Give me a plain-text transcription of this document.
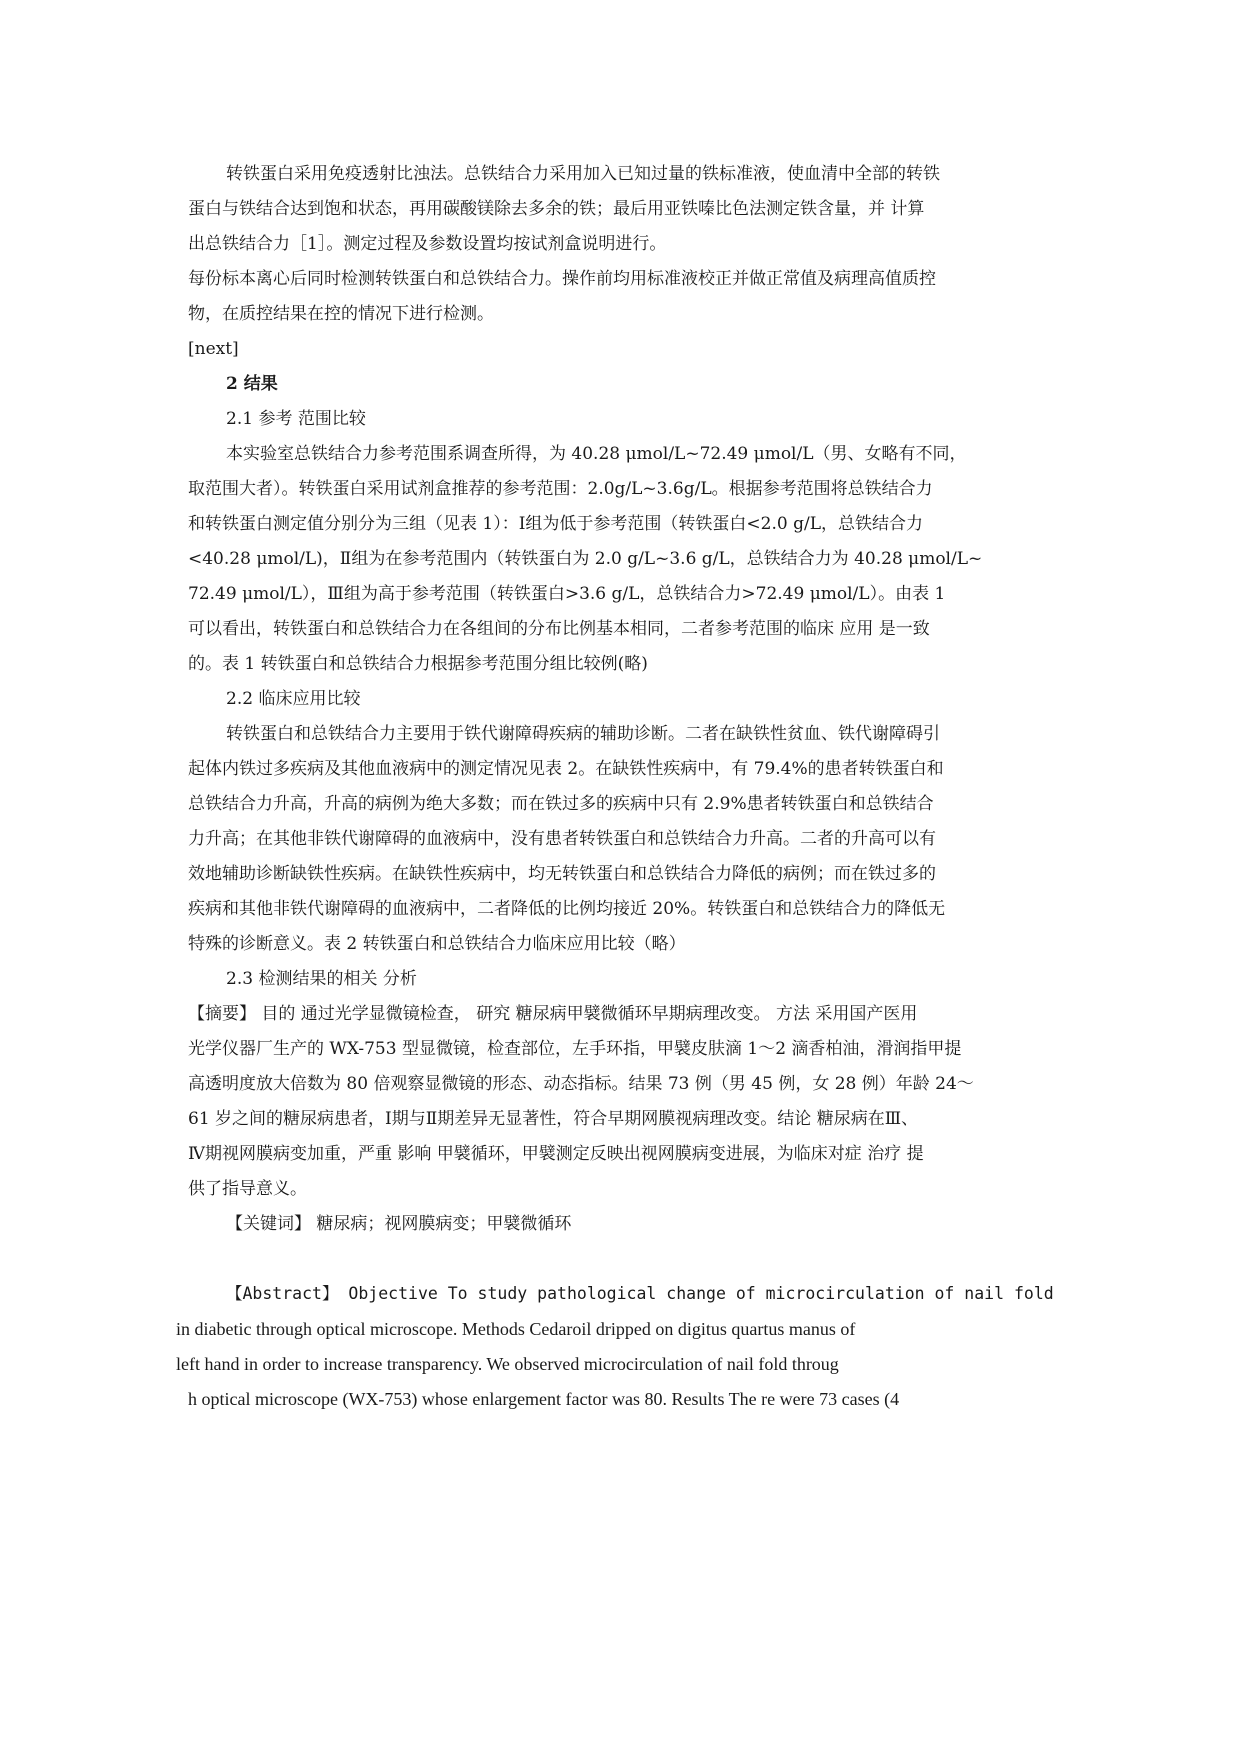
转铁蛋白采用免疫透射比浊法。总铁结合力采用加入已知过量的铁标准液，使血清中全部的转铁
蛋白与铁结合达到饱和状态，再用碳酸镁除去多余的铁；最后用亚铁嗪比色法测定铁含量，并 计算
出总铁结合力［1］。测定过程及参数设置均按试剂盒说明进行。
每份标本离心后同时检测转铁蛋白和总铁结合力。操作前均用标准液校正并做正常值及病理高值质控
物，在质控结果在控的情况下进行检测。
[next]
2 结果
2.1 参考 范围比较
本实验室总铁结合力参考范围系调查所得，为 40.28 μmol/L~72.49 μmol/L（男、女略有不同，
取范围大者）。转铁蛋白采用试剂盒推荐的参考范围：2.0g/L~3.6g/L。根据参考范围将总铁结合力
和转铁蛋白测定值分别分为三组（见表 1）：Ⅰ组为低于参考范围（转铁蛋白<2.0 g/L，总铁结合力
<40.28 μmol/L)，Ⅱ组为在参考范围内（转铁蛋白为 2.0 g/L~3.6 g/L，总铁结合力为 40.28 μmol/L~
72.49 μmol/L），Ⅲ组为高于参考范围（转铁蛋白>3.6 g/L，总铁结合力>72.49 μmol/L）。由表 1
可以看出，转铁蛋白和总铁结合力在各组间的分布比例基本相同，二者参考范围的临床 应用 是一致
的。表 1 转铁蛋白和总铁结合力根据参考范围分组比较例(略)
2.2 临床应用比较
转铁蛋白和总铁结合力主要用于铁代谢障碍疾病的辅助诊断。二者在缺铁性贫血、铁代谢障碍引
起体内铁过多疾病及其他血液病中的测定情况见表 2。在缺铁性疾病中，有 79.4%的患者转铁蛋白和
总铁结合力升高，升高的病例为绝大多数；而在铁过多的疾病中只有 2.9%患者转铁蛋白和总铁结合
力升高；在其他非铁代谢障碍的血液病中，没有患者转铁蛋白和总铁结合力升高。二者的升高可以有
效地辅助诊断缺铁性疾病。在缺铁性疾病中，均无转铁蛋白和总铁结合力降低的病例；而在铁过多的
疾病和其他非铁代谢障碍的血液病中，二者降低的比例均接近 20%。转铁蛋白和总铁结合力的降低无
特殊的诊断意义。表 2 转铁蛋白和总铁结合力临床应用比较（略）
2.3 检测结果的相关 分析
【摘要】 目的 通过光学显微镜检查， 研究 糖尿病甲襞微循环早期病理改变。 方法 采用国产医用
光学仪器厂生产的 WX-753 型显微镜，检查部位，左手环指，甲襞皮肤滴 1～2 滴香柏油，滑润指甲提
高透明度放大倍数为 80 倍观察显微镜的形态、动态指标。结果 73 例（男 45 例，女 28 例）年龄 24～
61 岁之间的糖尿病患者，Ⅰ期与Ⅱ期差异无显著性，符合早期网膜视病理改变。结论 糖尿病在Ⅲ、
Ⅳ期视网膜病变加重，严重 影响 甲襞循环，甲襞测定反映出视网膜病变进展，为临床对症 治疗 提
供了指导意义。
【关键词】 糖尿病；视网膜病变；甲襞微循环
【Abstract】 Objective To study pathological change of microcirculation of nail fold
in diabetic through optical microscope. Methods Cedaroil dripped on digitus quartus manus of
left hand in order to increase transparency. We observed microcirculation of nail fold throug
h optical microscope (WX-753) whose enlargement factor was 80. Results The re were 73 cases (4
